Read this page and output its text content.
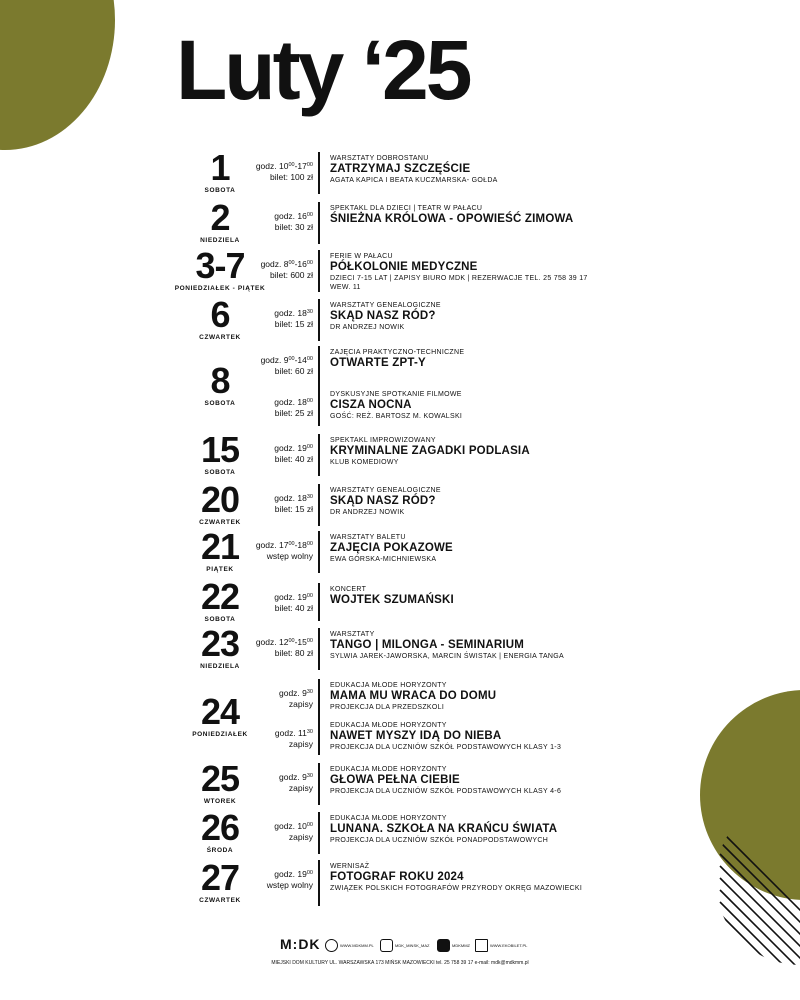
Luty ‘25
1
SOBOTA
godz. $10^{00}-17^{00}$
bilet: 100 zł
WARSZTATY DOBROSTANU
ZATRZYMAJ SZCZĘŚCIE
AGATA KAPICA I BEATA KUCZMARSKA- GOŁDA
2
NIEDZIELA
godz. $16^{00}$
bilet: 30 zł
SPEKTAKL DLA DZIECI | TEATR W PAŁACU
ŚNIEŻNA KRÓLOWA - OPOWIEŚĆ ZIMOWA
3-7
PONIEDZIAŁEK - PIĄTEK
godz. $8^{00}-16^{00}$
bilet: 600 zł
FERIE W PAŁACU
PÓŁKOLONIE MEDYCZNE
DZIECI 7-15 LAT | ZAPISY BIURO MDK | REZERWACJE TEL. 25 758 39 17 WEW. 11
6
CZWARTEK
godz. $18^{30}$
bilet: 15 zł
WARSZTATY GENEALOGICZNE
SKĄD NASZ RÓD?
DR ANDRZEJ NOWIK
8
SOBOTA
godz. $9^{00}-14^{00}$
bilet: 60 zł
ZAJĘCIA PRAKTYCZNO-TECHNICZNE
OTWARTE ZPT-Y
godz. $18^{00}$
bilet: 25 zł
DYSKUSYJNE SPOTKANIE FILMOWE
CISZA NOCNA
GOŚĆ: REŻ. BARTOSZ M. KOWALSKI
15
SOBOTA
godz. $19^{00}$
bilet: 40 zł
SPEKTAKL IMPROWIZOWANY
KRYMINALNE ZAGADKI PODLASIA
KLUB KOMEDIOWY
20
CZWARTEK
godz. $18^{30}$
bilet: 15 zł
WARSZTATY GENEALOGICZNE
SKĄD NASZ RÓD?
DR ANDRZEJ NOWIK
21
PIĄTEK
godz. $17^{00}-18^{00}$
wstęp wolny
WARSZTATY BALETU
ZAJĘCIA POKAZOWE
EWA GÓRSKA-MICHNIEWSKA
22
SOBOTA
godz. $19^{00}$
bilet: 40 zł
KONCERT
WOJTEK SZUMAŃSKI
23
NIEDZIELA
godz. $12^{00}-15^{00}$
bilet: 80 zł
WARSZTATY
TANGO | MILONGA - SEMINARIUM
SYLWIA JAREK-JAWORSKA, MARCIN ŚWISTAK | ENERGIA TANGA
24
PONIEDZIAŁEK
godz. $9^{30}$
zapisy
EDUKACJA MŁODE HORYZONTY
MAMA MU WRACA DO DOMU
PROJEKCJA DLA PRZEDSZKOLI
godz. $11^{30}$
zapisy
EDUKACJA MŁODE HORYZONTY
NAWET MYSZY IDĄ DO NIEBA
PROJEKCJA DLA UCZNIÓW SZKÓŁ PODSTAWOWYCH KLASY 1-3
25
WTOREK
godz. $9^{30}$
zapisy
EDUKACJA MŁODE HORYZONTY
GŁOWA PEŁNA CIEBIE
PROJEKCJA DLA UCZNIÓW SZKÓŁ PODSTAWOWYCH KLASY 4-6
26
ŚRODA
godz. $10^{00}$
zapisy
EDUKACJA MŁODE HORYZONTY
LUNANA. SZKOŁA NA KRAŃCU ŚWIATA
PROJEKCJA DLA UCZNIÓW SZKÓŁ PONADPODSTAWOWYCH
27
CZWARTEK
godz. $19^{00}$
wstęp wolny
WERNISAŻ
FOTOGRAF ROKU 2024
ZWIĄZEK POLSKICH FOTOGRAFÓW PRZYRODY OKRĘG MAZOWIECKI
M:DK	WWW.MDKMM.PL	MDK_MINSK_MAZ	MDKMMZ	WWW.EKOBILET.PL
MIEJSKI DOM KULTURY UL. WARSZAWSKA 173 MIŃSK MAZOWIECKI tel. 25 758 39 17 e-mail: mdk@mdkmm.pl
